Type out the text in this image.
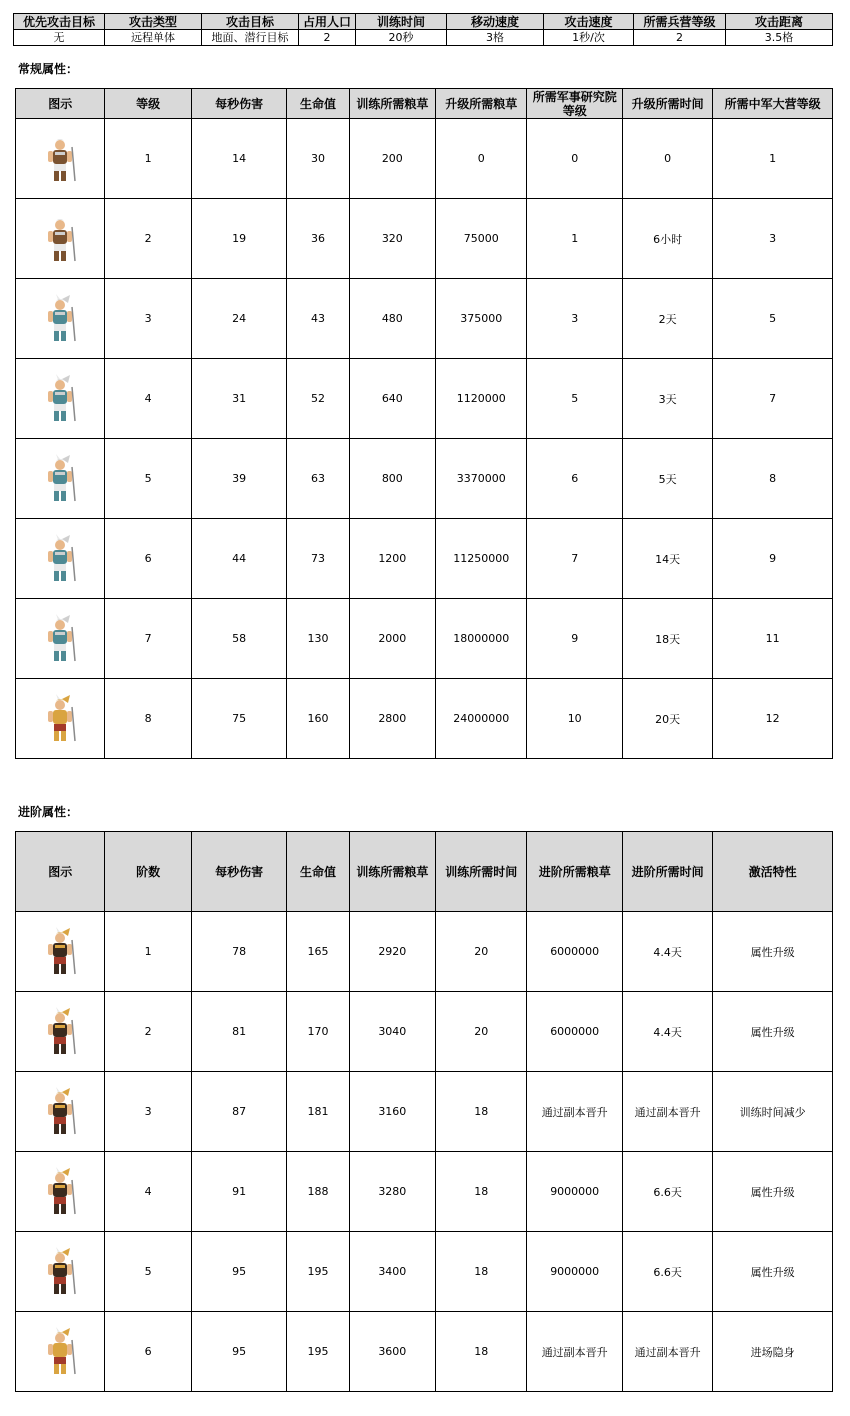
优先攻击目标	攻击类型	攻击目标	占用人口	训练时间	移动速度	攻击速度	所需兵营等级	攻击距离
无	远程单体	地面、潜行目标	2	20秒	3格	1秒/次	2	3.5格
常规属性：
图示	等级	每秒伤害	生命值	训练所需粮草	升级所需粮草	所需军事研究院等级	升级所需时间	所需中军大营等级

	1	14	30	200	0	0	0	1

	2	19	36	320	75000	1	6小时	3

	3	24	43	480	375000	3	2天	5

	4	31	52	640	1120000	5	3天	7

	5	39	63	800	3370000	6	5天	8

	6	44	73	1200	11250000	7	14天	9

	7	58	130	2000	18000000	9	18天	11

	8	75	160	2800	24000000	10	20天	12
进阶属性：
图示	阶数	每秒伤害	生命值	训练所需粮草	训练所需时间	进阶所需粮草	进阶所需时间	激活特性

	1	78	165	2920	20	6000000	4.4天	属性升级

	2	81	170	3040	20	6000000	4.4天	属性升级

	3	87	181	3160	18	通过副本晋升	通过副本晋升	训练时间减少

	4	91	188	3280	18	9000000	6.6天	属性升级

	5	95	195	3400	18	9000000	6.6天	属性升级

	6	95	195	3600	18	通过副本晋升	通过副本晋升	进场隐身
